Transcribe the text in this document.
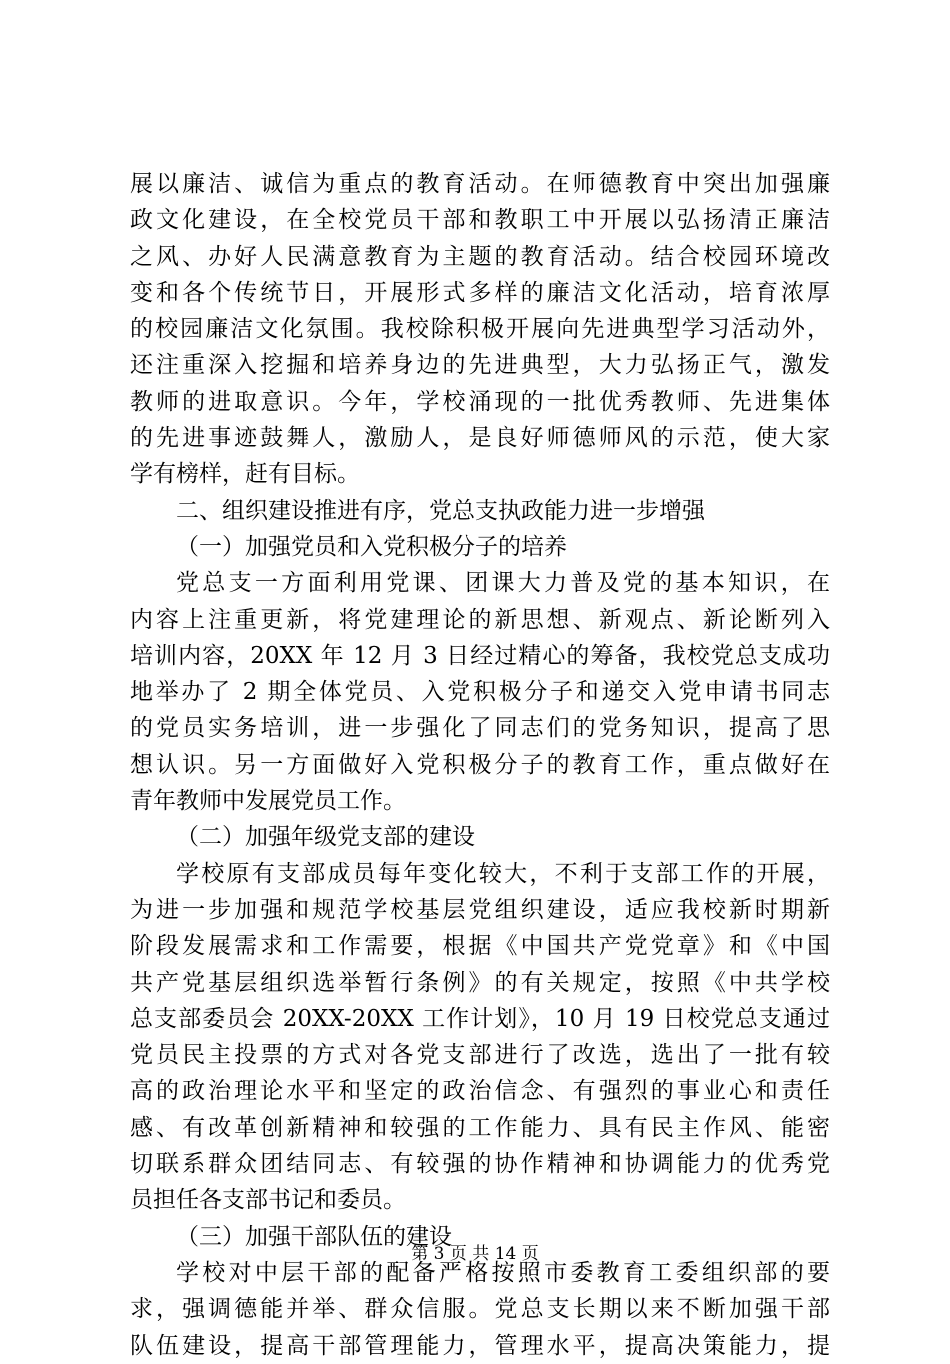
展以廉洁、诚信为重点的教育活动。在师德教育中突出加强廉
政文化建设，在全校党员干部和教职工中开展以弘扬清正廉洁
之风、办好人民满意教育为主题的教育活动。结合校园环境改
变和各个传统节日，开展形式多样的廉洁文化活动，培育浓厚
的校园廉洁文化氛围。我校除积极开展向先进典型学习活动外，
还注重深入挖掘和培养身边的先进典型，大力弘扬正气，激发
教师的进取意识。今年，学校涌现的一批优秀教师、先进集体
的先进事迹鼓舞人，激励人，是良好师德师风的示范，使大家
学有榜样，赶有目标。
二、组织建设推进有序，党总支执政能力进一步增强
（一）加强党员和入党积极分子的培养
党总支一方面利用党课、团课大力普及党的基本知识，在
内容上注重更新，将党建理论的新思想、新观点、新论断列入
培训内容，20XX 年 12 月 3 日经过精心的筹备，我校党总支成功
地举办了 2 期全体党员、入党积极分子和递交入党申请书同志
的党员实务培训，进一步强化了同志们的党务知识，提高了思
想认识。另一方面做好入党积极分子的教育工作，重点做好在
青年教师中发展党员工作。
（二）加强年级党支部的建设
学校原有支部成员每年变化较大，不利于支部工作的开展，
为进一步加强和规范学校基层党组织建设，适应我校新时期新
阶段发展需求和工作需要，根据《中国共产党党章》和《中国
共产党基层组织选举暂行条例》的有关规定，按照《中共学校
总支部委员会 20XX-20XX 工作计划》，10 月 19 日校党总支通过
党员民主投票的方式对各党支部进行了改选，选出了一批有较
高的政治理论水平和坚定的政治信念、有强烈的事业心和责任
感、有改革创新精神和较强的工作能力、具有民主作风、能密
切联系群众团结同志、有较强的协作精神和协调能力的优秀党
员担任各支部书记和委员。
（三）加强干部队伍的建设
学校对中层干部的配备严格按照市委教育工委组织部的要
求，强调德能并举、群众信服。党总支长期以来不断加强干部
队伍建设，提高干部管理能力，管理水平，提高决策能力，提
第 3 页 共 14 页
